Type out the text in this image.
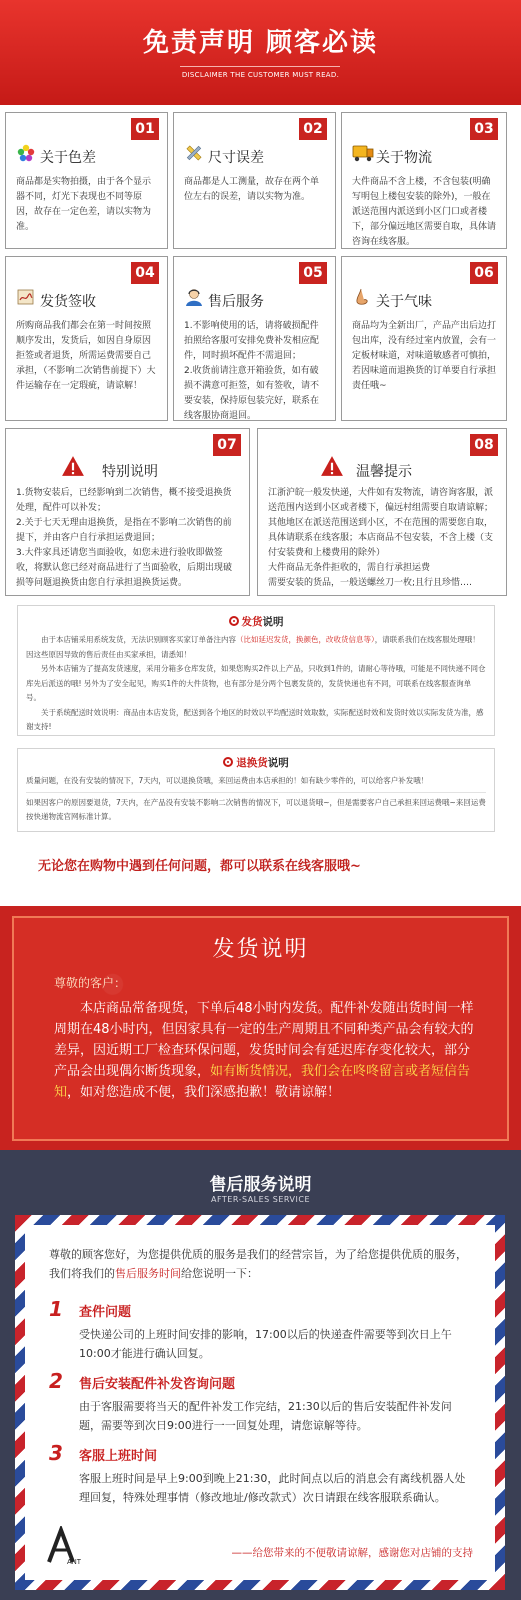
免责声明 顾客必读
DISCLAIMER THE CUSTOMER MUST READ.
01
关于色差

商品都是实物拍摄，由于各个显示器不同，灯光下表现也不同等原因，故存在一定色差，请以实物为准。

02
尺寸误差

商品都是人工测量，故存在两个单位左右的误差，请以实物为准。

03
关于物流

大件商品不含上楼，不含包装(明确写明包上楼包安装的除外)，一般在派送范围内派送到小区门口或者楼下，部分偏远地区需要自取，具体请咨询在线客服。

04
发货签收

所购商品我们都会在第一时间按照顺序发出，发货后，如因自身原因拒签或者退货，所需运费需要自己承担，（不影响二次销售前提下）大件运输存在一定瑕疵，请谅解！

05
售后服务

1.不影响使用的话，请将破损配件拍照给客服可安排免费补发相应配件，同时损坏配件不需退回；

2.收货前请注意开箱验货，如有破损不满意可拒签，如有签收，请不要安装，保持原包装完好，联系在线客服协商退回。

06
关于气味

商品均为全新出厂，产品产出后边打包出库，没有经过室内放置，会有一定板材味道，对味道敏感者可慎拍，若因味道而退换货的订单要自行承担责任哦~

07
特别说明

1.货物安装后，已经影响到二次销售，概不接受退换货处理，配件可以补发；

2.关于七天无理由退换货，是指在不影响二次销售的前提下，并由客户自行承担运费退回；

3.大件家具还请您当面验收，如您未进行验收即做签收，将默认您已经对商品进行了当面验收，后期出现破损等问题退换货由您自行承担退换货运费。

08
温馨提示

江浙沪皖一般发快递，大件如有发物流，请咨询客服，派送范围内送到小区或者楼下，偏远村组需要自取请谅解；

其他地区在派送范围送到小区，不在范围的需要您自取，具体请联系在线客服；本店商品不包安装，不含上楼（支付安装费和上楼费用的除外）

大件商品无条件拒收的，需自行承担运费

需要安装的货品，一般送螺丝刀一枚;且行且珍惜‥‥

发货说明
由于本店铺采用系统发货，无法识别顾客买家订单备注内容（比如延迟发货，换颜色，改收货信息等），请联系我们在线客服处理哦！因这些原因导致的售后责任由买家承担，请悉知！
另外本店铺为了提高发货速度，采用分箱多仓库发货，如果您购买2件以上产品，只收到1件的，请耐心等待哦，可能是不同快递不同仓库先后派送的哦! 另外为了安全起见，购买1件的大件货物，也有部分是分两个包裹发货的，发货快递也有不同，可联系在线客服查询单号。
关于系统配送时效说明：商品由本店发货，配送到各个地区的时效以平均配送时效取数，实际配送时效和发货时效以实际发货为准，感谢支持!
退换货说明
质量问题，在没有安装的情况下，7天内，可以退换货哦，来回运费由本店承担的！如有缺少零件的，可以给客户补发哦！
如果因客户的原因要退货，7天内，在产品没有安装不影响二次销售的情况下，可以退货哦~，但是需要客户自己承担来回运费哦~来回运费按快递物流官网标准计算。
无论您在购物中遇到任何问题，都可以联系在线客服哦~
发货说明
尊敬的客户：
本店商品常备现货，下单后48小时内发货。配件补发随出货时间一样周期在48小时内，但因家具有一定的生产周期且不同种类产品会有较大的差异，因近期工厂检查环保问题，发货时间会有延迟库存变化较大，部分产品会出现偶尔断货现象，如有断货情况，我们会在咚咚留言或者短信告知，如对您造成不便，我们深感抱歉！敬请谅解！
售后服务说明
AFTER-SALES SERVICE
尊敬的顾客您好，为您提供优质的服务是我们的经营宗旨，为了给您提供优质的服务，我们将我们的售后服务时间给您说明一下：
1 查件问题
受快递公司的上班时间安排的影响，17:00以后的快递查件需要等到次日上午10:00才能进行确认回复。
2 售后安装配件补发咨询问题
由于客服需要将当天的配件补发工作完结，21:30以后的售后安装配件补发问题，需要等到次日9:00进行一一回复处理，请您谅解等待。
3 客服上班时间
客服上班时间是早上9:00到晚上21:30，此时间点以后的消息会有离线机器人处理回复，特殊处理事情（修改地址/修改款式）次日请跟在线客服联系确认。
ANT
——给您带来的不便敬请谅解，感谢您对店铺的支持
